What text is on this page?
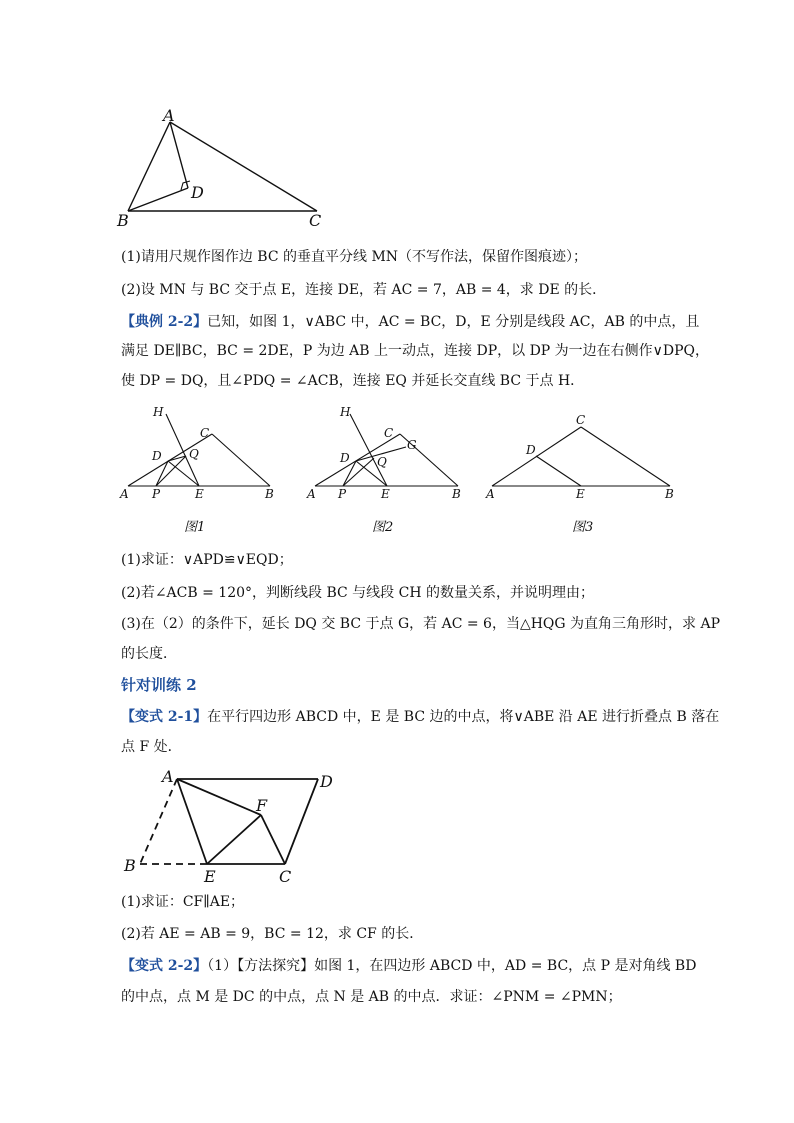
A
B	C
D
(1)请用尺规作图作边 BC 的垂直平分线 MN（不写作法，保留作图痕迹）；
(2)设 MN 与 BC 交于点 E，连接 DE，若 AC = 7，AB = 4，求 DE 的长．
【典例 2-2】已知，如图 1，∨ABC 中，AC = BC，D，E 分别是线段 AC，AB 的中点，且
满足 DE∥BC，BC = 2DE，P 为边 AB 上一动点，连接 DP，以 DP 为一边在右侧作∨DPQ，
使 DP = DQ，且∠PDQ = ∠ACB，连接 EQ 并延长交直线 BC 于点 H．
H
C
D Q
A P	E	B
图1
H
C
G
D Q
A P	E	B
图2
C
D
A	E	B
图3
(1)求证：∨APD≌∨EQD；
(2)若∠ACB = 120°，判断线段 BC 与线段 CH 的数量关系，并说明理由；
(3)在（2）的条件下，延长 DQ 交 BC 于点 G，若 AC = 6，当△HQG 为直角三角形时，求 AP
的长度．
针对训练 2
【变式 2-1】在平行四边形 ABCD 中，E 是 BC 边的中点，将∨ABE 沿 AE 进行折叠点 B 落在
点 F 处．
A	D
F
B
E	C
(1)求证：CF∥AE；
(2)若 AE = AB = 9，BC = 12，求 CF 的长．
【变式 2-2】（1）【方法探究】如图 1，在四边形 ABCD 中，AD = BC，点 P 是对角线 BD
的中点，点 M 是 DC 的中点，点 N 是 AB 的中点．求证：∠PNM = ∠PMN；
